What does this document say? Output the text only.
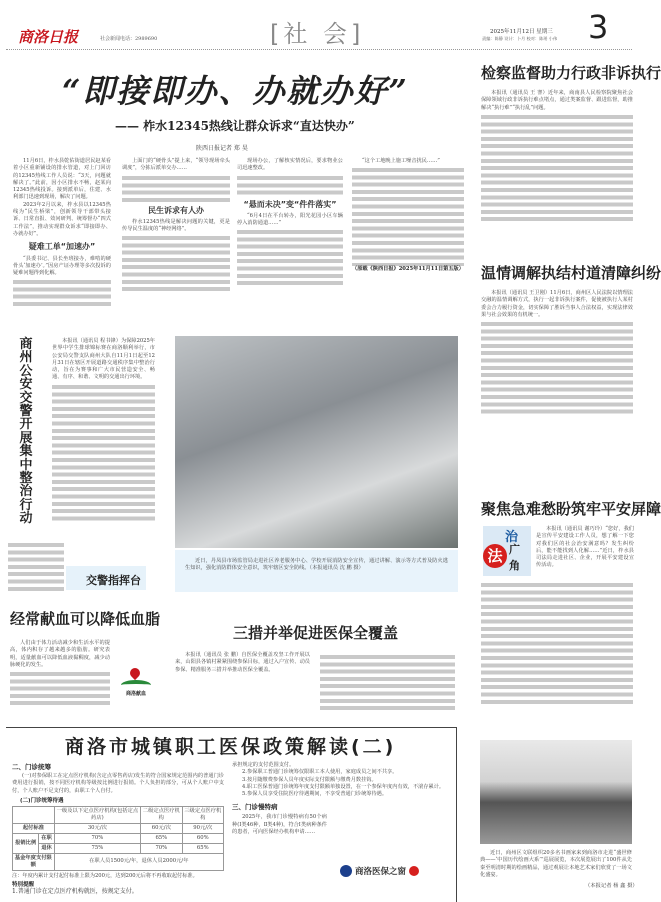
商洛日报	社会新闻电话：2989690	[社 会]	2025年11月12日 星期三
责编：陈静 设计：卜月 校对：陈瑶 小伟 3
“即接即办、办就办好”
—— 柞水12345热线让群众诉求“直达快办”
陕西日报记者 郑 昊

11月6日，柞水县乾佑街道居民赵某看着小区重新铺设的排水管道，对上门回访的12345热线工作人员说：“3天，问题就解决了。”此前，因小区排水不畅，赵某向12345热线投诉。接到派单后，住建、水利部门迅速到现场，解决了问题。

2023年2月以来，柞水县以12345热线为“民生桥梁”，创新领导干部带头接诉、日常直报、效问研判、统筹督办“四式工作法”，推动实现群众诉求“即接即办、办就办好”。

疑难工单“加速办”

“县委书记、县长坐班接办，难啃的硬骨头‘加速办’。”因房产证办理等多次投诉的疑难问题得到化解。

上面门的“硬骨头”提上来，“领导现场牵头调度”，分拣后派单交办……

民生诉求有人办

柞水12345热线是解决问题的关键，更是传导民生温度的“神经网络”。

现场办公，了解核实情况后，要求物业公司迅速整改。

“悬而未决”变“件件落实”

“6月4日在平台转办，阳光花园小区车辆停入消防通道……”

“这个工地晚上施工噪音扰民……”

（原载《陕西日报》2025年11月11日第五版）

检察监督助力行政非诉执行

本报讯（通讯员 王 謇）近年来，商南县人民检察院聚焦社会保障领域行政非诉执行难点堵点，通过类案监督、跟进监督，助推解决“执行难”“执行乱”问题。

温情调解执结村道清障纠纷

本报讯（通讯员 王卫刚）11月6日，商州区人民法院以情理法交融的温情调解方式，执行一起非诉执行案件，促使被执行人某村委会合力履行资金，切实保障了胜诉当事人合法权益，实现法律效果与社会效果的有机统一。

聚焦急难愁盼筑牢平安屏障
治
法 广
角

本报讯（通讯员 谢巧玲）“您好，我们是宣传平安建设工作人员，想了解一下您对我们区的社会治安满意吗？发生纠纷后，能不能找到人化解……”近日，柞水县司法局走进社区、企业，开展平安建设宣传活动。

商州公安交警开展集中整治行动

本报讯（通讯员 程书锋）为保障2025年世界中学生排球锦标赛在商洛顺利举行，市公安局交警支队商州大队自11月1日起至12月31日在辖区开展道路交通秩序集中整治行动，旨在为赛事和广大市民营造安全、畅通、有序、和谐、文明的交通出行环境。

交警指挥台
近日，丹凤县市场监管局走进社区养老服务中心、学校开展消防安全宣传，通过讲解、演示等方式普及防火逃生知识，强化消防群体安全意识，筑牢辖区安全防线。（本报通讯员 沈 鹏 摄）
经常献血可以降低血脂

人们由于体力活动减少和生活水平的提高，体内积存了越来越多的脂肪。研究表明，适量献血可以降低血液黏稠度，减少动脉硬化的发生。

商洛献血
三措并举促进医保全覆盖

本报讯（通讯员 张 鹏）自医保全覆盖攻坚工作开展以来，山阳县各镇村紧紧围绕参保目标，通过入户宣传、动员参保、精准服务三措并举推动医保全覆盖。

商洛市城镇职工医保政策解读(二)
二、门诊统筹
(一)对参保职工在定点医疗机构(含定点零售药店)发生的符合国家规定范围内的普通门诊费用进行报销，按不同医疗机构等级按比例进行报销。个人负担的部分，可从个人账户中支付，个人账户不足支付的，由职工个人自付。
(二)门诊统筹待遇
		一级及以下定点医疗机构(包括定点药店)	二级定点医疗机构	三级定点医疗机构
起付标准		30元/次	60元/次	90元/次
报销比例	在职	70%	65%	60%
	退休	75%	70%	65%
基金年度支付限额		在职人员1500元/年，退休人员2000元/年		
注：年度内累计支付起付标准上限为200元，达到200元后将不再收取起付标准。
特别提醒
1.普通门诊在定点医疗机构就医，按规定支付。

承担规定的支付范围支付。

2.参保职工普通门诊统筹仅限职工本人使用，家庭成员之间不共享。

3.按月随缴费参保人员年度实际支付限额与缴费月数挂钩。

4.职工医保普通门诊统筹年度支付限额单独设置，在一个参保年度内有效，不滚存累计。

5.参保人员享受住院医疗待遇期间，不享受普通门诊统筹待遇。

三、门诊慢特病
2025年，我市门诊慢特病有50个病种(Ⅰ类46种，Ⅱ类4种)，符合Ⅰ类病种条件的患者，可向医保经办机构申请……
商洛医保之窗
近日，商州区文联组织20多名书画家来到商洛市走进“盛世修典——‘中国历代绘画大系’”巡展展览，本次展览展出了100件从先秦至明清时期的绘画精品，通过观展让本地艺术家们欣赏了一场文化盛宴。
（本报记者 杨 鑫 摄）
